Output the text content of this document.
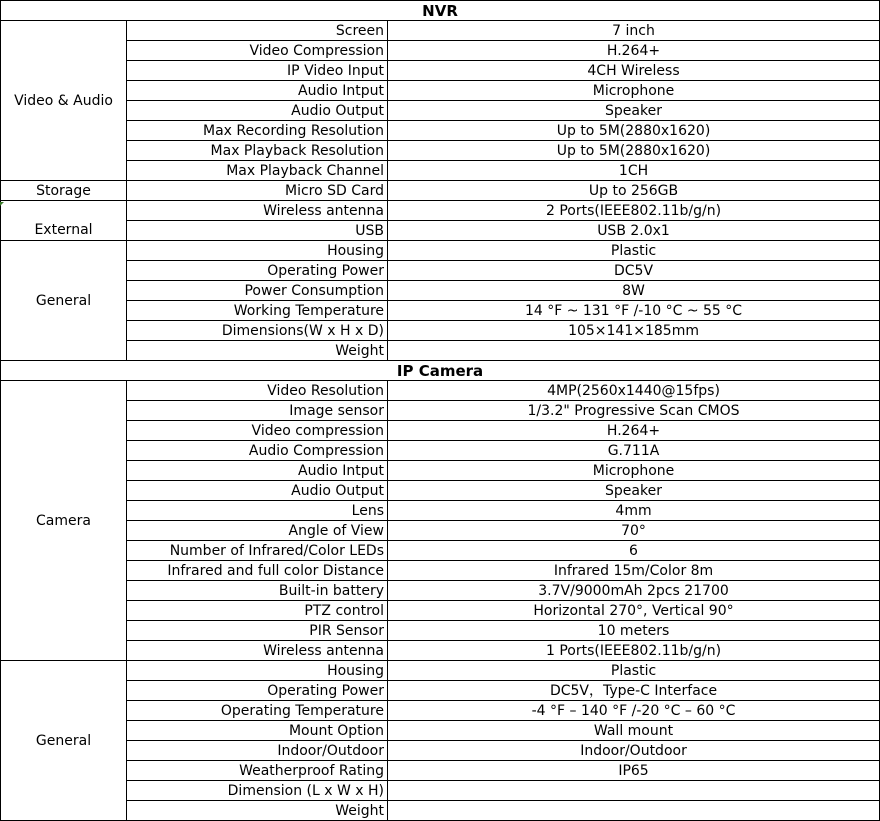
NVR		
Video & Audio	Screen	7 inch
	Video Compression	H.264+
	IP Video Input	4CH Wireless
	Audio Intput	Microphone
	Audio Output	Speaker
	Max Recording Resolution	Up to 5M(2880x1620)
	Max Playback Resolution	Up to 5M(2880x1620)
	Max Playback Channel	1CH
Storage	Micro SD Card	Up to 256GB
External	Wireless antenna	2 Ports(IEEE802.11b/g/n)
	USB	USB 2.0x1
General	Housing	Plastic
	Operating Power	DC5V
	Power Consumption	8W
	Working Temperature	14 °F ~ 131 °F /-10 °C ~ 55 °C
	Dimensions(W x H x D)	105×141×185mm
	Weight	
IP Camera		
Camera	Video Resolution	4MP(2560x1440@15fps)
	Image sensor	1/3.2" Progressive Scan CMOS
	Video compression	H.264+
	Audio Compression	G.711A
	Audio Intput	Microphone
	Audio Output	Speaker
	Lens	4mm
	Angle of View	70°
	Number of Infrared/Color LEDs	6
	Infrared and full color Distance	Infrared 15m/Color 8m
	Built-in battery	3.7V/9000mAh 2pcs 21700
	PTZ control	Horizontal 270°, Vertical 90°
	PIR Sensor	10 meters
	Wireless antenna	1 Ports(IEEE802.11b/g/n)
General	Housing	Plastic
	Operating Power	DC5V，Type-C Interface
	Operating Temperature	-4 °F – 140 °F /-20 °C – 60 °C
	Mount Option	Wall mount
	Indoor/Outdoor	Indoor/Outdoor
	Weatherproof Rating	IP65
	Dimension (L x W x H)	
	Weight	
